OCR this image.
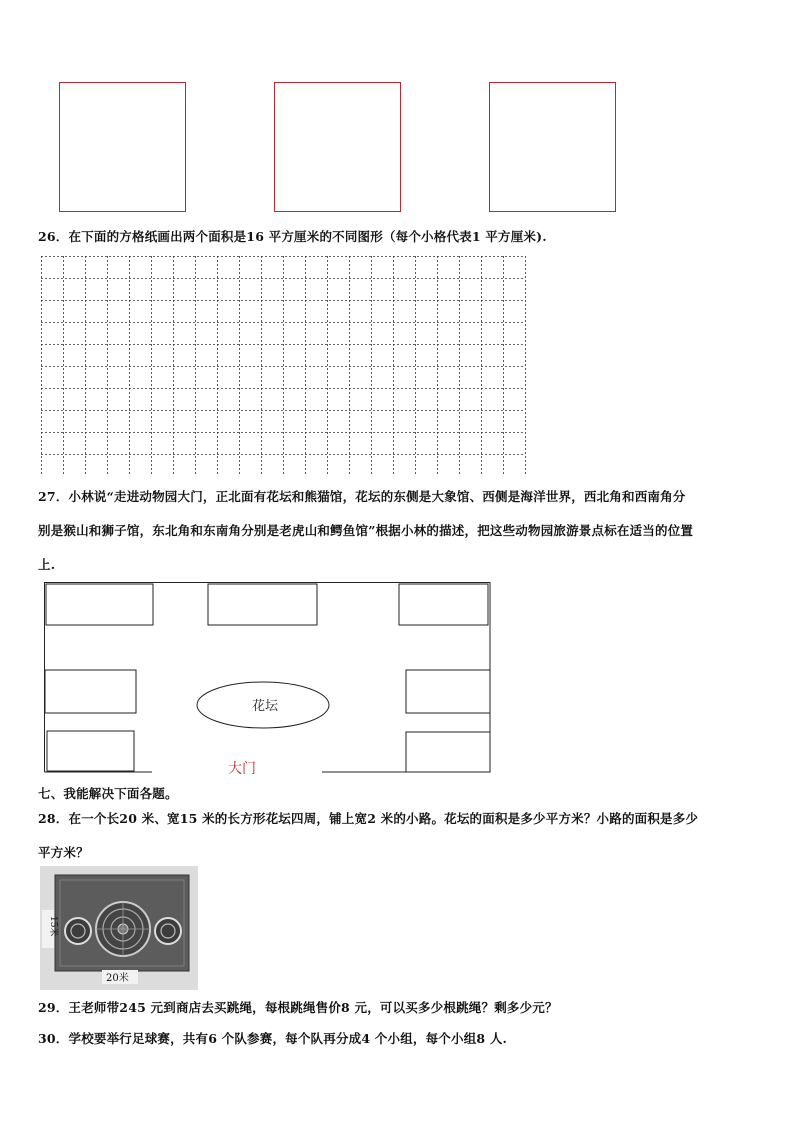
26．在下面的方格纸画出两个面积是16 平方厘米的不同图形（每个小格代表1 平方厘米).
27．小林说“走进动物园大门，正北面有花坛和熊猫馆，花坛的东侧是大象馆、西侧是海洋世界，西北角和西南角分
别是猴山和狮子馆，东北角和东南角分别是老虎山和鳄鱼馆”根据小林的描述，把这些动物园旅游景点标在适当的位置
上.
花坛
大门
七、我能解决下面各题。
28．在一个长20 米、宽15 米的长方形花坛四周，铺上宽2 米的小路。花坛的面积是多少平方米？小路的面积是多少
平方米？
20米
15米
29．王老师带245 元到商店去买跳绳，每根跳绳售价8 元，可以买多少根跳绳？剩多少元？
30．学校要举行足球赛，共有6 个队参赛，每个队再分成4 个小组，每个小组8 人.
